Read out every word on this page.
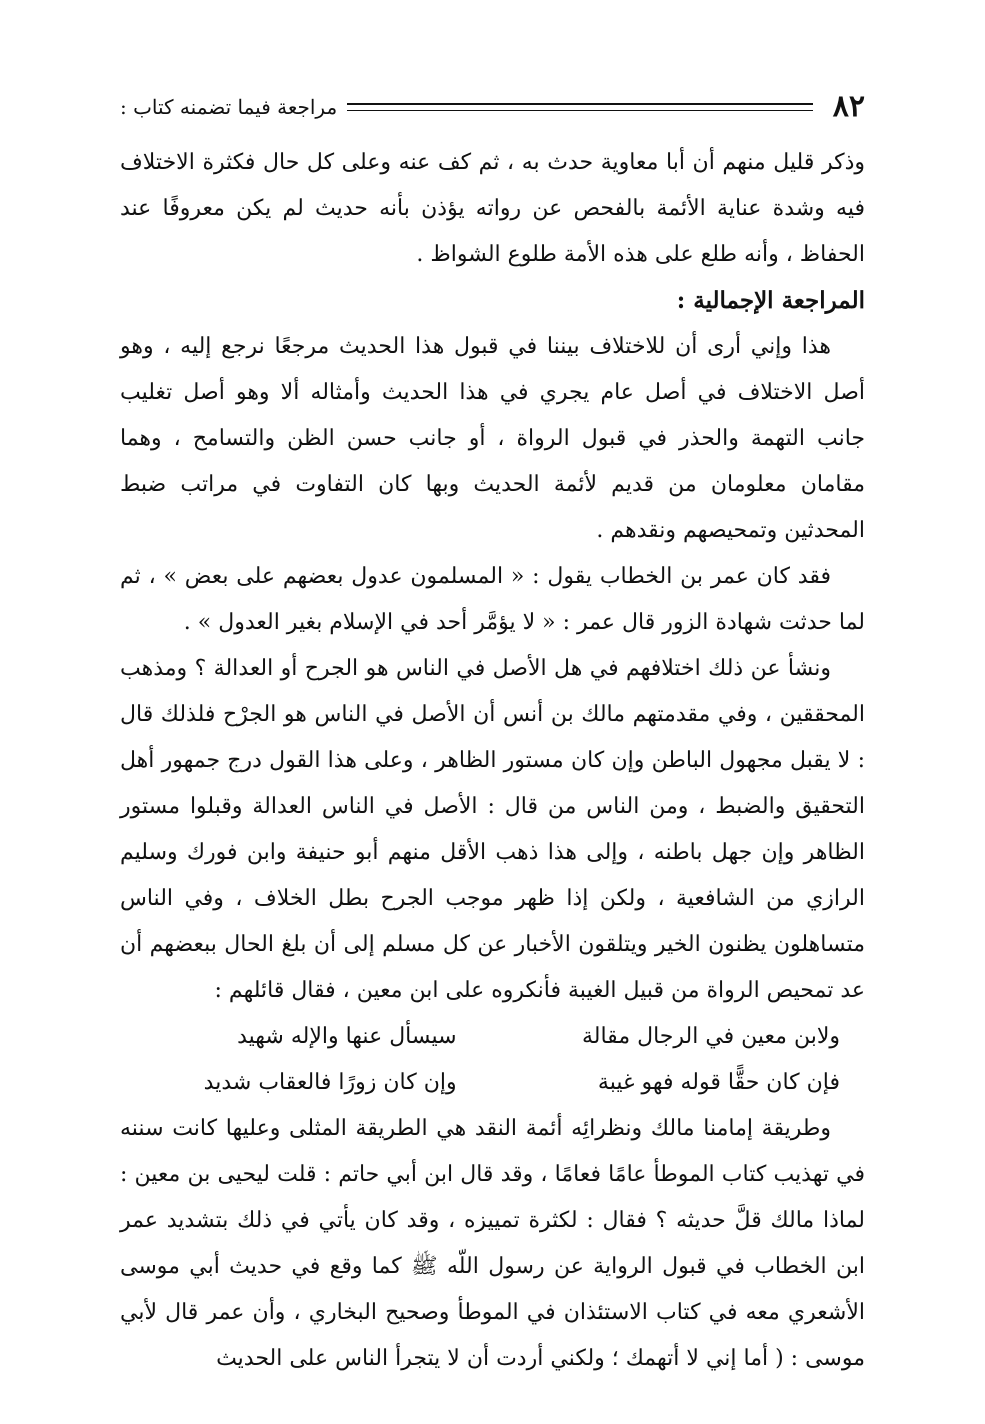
٨٢
مراجعة فيما تضمنه كتاب :

وذكر قليل منهم أن أبا معاوية حدث به ، ثم كف عنه وعلى كل حال فكثرة الاختلاف فيه وشدة عناية الأئمة بالفحص عن رواته يؤذن بأنه حديث لم يكن معروفًا عند الحفاظ ، وأنه طلع على هذه الأمة طلوع الشواظ .

المراجعة الإجمالية :

هذا وإني أرى أن للاختلاف بيننا في قبول هذا الحديث مرجعًا نرجع إليه ، وهو أصل الاختلاف في أصل عام يجري في هذا الحديث وأمثاله ألا وهو أصل تغليب جانب التهمة والحذر في قبول الرواة ، أو جانب حسن الظن والتسامح ، وهما مقامان معلومان من قديم لأئمة الحديث وبها كان التفاوت في مراتب ضبط المحدثين وتمحيصهم ونقدهم .

فقد كان عمر بن الخطاب يقول : « المسلمون عدول بعضهم على بعض » ، ثم لما حدثت شهادة الزور قال عمر : « لا يؤمَّر أحد في الإسلام بغير العدول » .

ونشأ عن ذلك اختلافهم في هل الأصل في الناس هو الجرح أو العدالة ؟ ومذهب المحققين ، وفي مقدمتهم مالك بن أنس أن الأصل في الناس هو الجرْح فلذلك قال : لا يقبل مجهول الباطن وإن كان مستور الظاهر ، وعلى هذا القول درج جمهور أهل التحقيق والضبط ، ومن الناس من قال : الأصل في الناس العدالة وقبلوا مستور الظاهر وإن جهل باطنه ، وإلى هذا ذهب الأقل منهم أبو حنيفة وابن فورك وسليم الرازي من الشافعية ، ولكن إذا ظهر موجب الجرح بطل الخلاف ، وفي الناس متساهلون يظنون الخير ويتلقون الأخبار عن كل مسلم إلى أن بلغ الحال ببعضهم أن عد تمحيص الرواة من قبيل الغيبة فأنكروه على ابن معين ، فقال قائلهم :

ولابن معين في الرجال مقالة
سيسأل عنها والإله شهيد
فإن كان حقًّا قوله فهو غيبة
وإن كان زورًا فالعقاب شديد

وطريقة إمامنا مالك ونظرائِه أئمة النقد هي الطريقة المثلى وعليها كانت سننه في تهذيب كتاب الموطأ عامًا فعامًا ، وقد قال ابن أبي حاتم : قلت ليحيى بن معين : لماذا مالك قلَّ حديثه ؟ فقال : لكثرة تمييزه ، وقد كان يأتي في ذلك بتشديد عمر ابن الخطاب في قبول الرواية عن رسول اللّه ﷺ كما وقع في حديث أبي موسى الأشعري معه في كتاب الاستئذان في الموطأ وصحيح البخاري ، وأن عمر قال لأبي موسى : ( أما إني لا أتهمك ؛ ولكني أردت أن لا يتجرأ الناس على الحديث
